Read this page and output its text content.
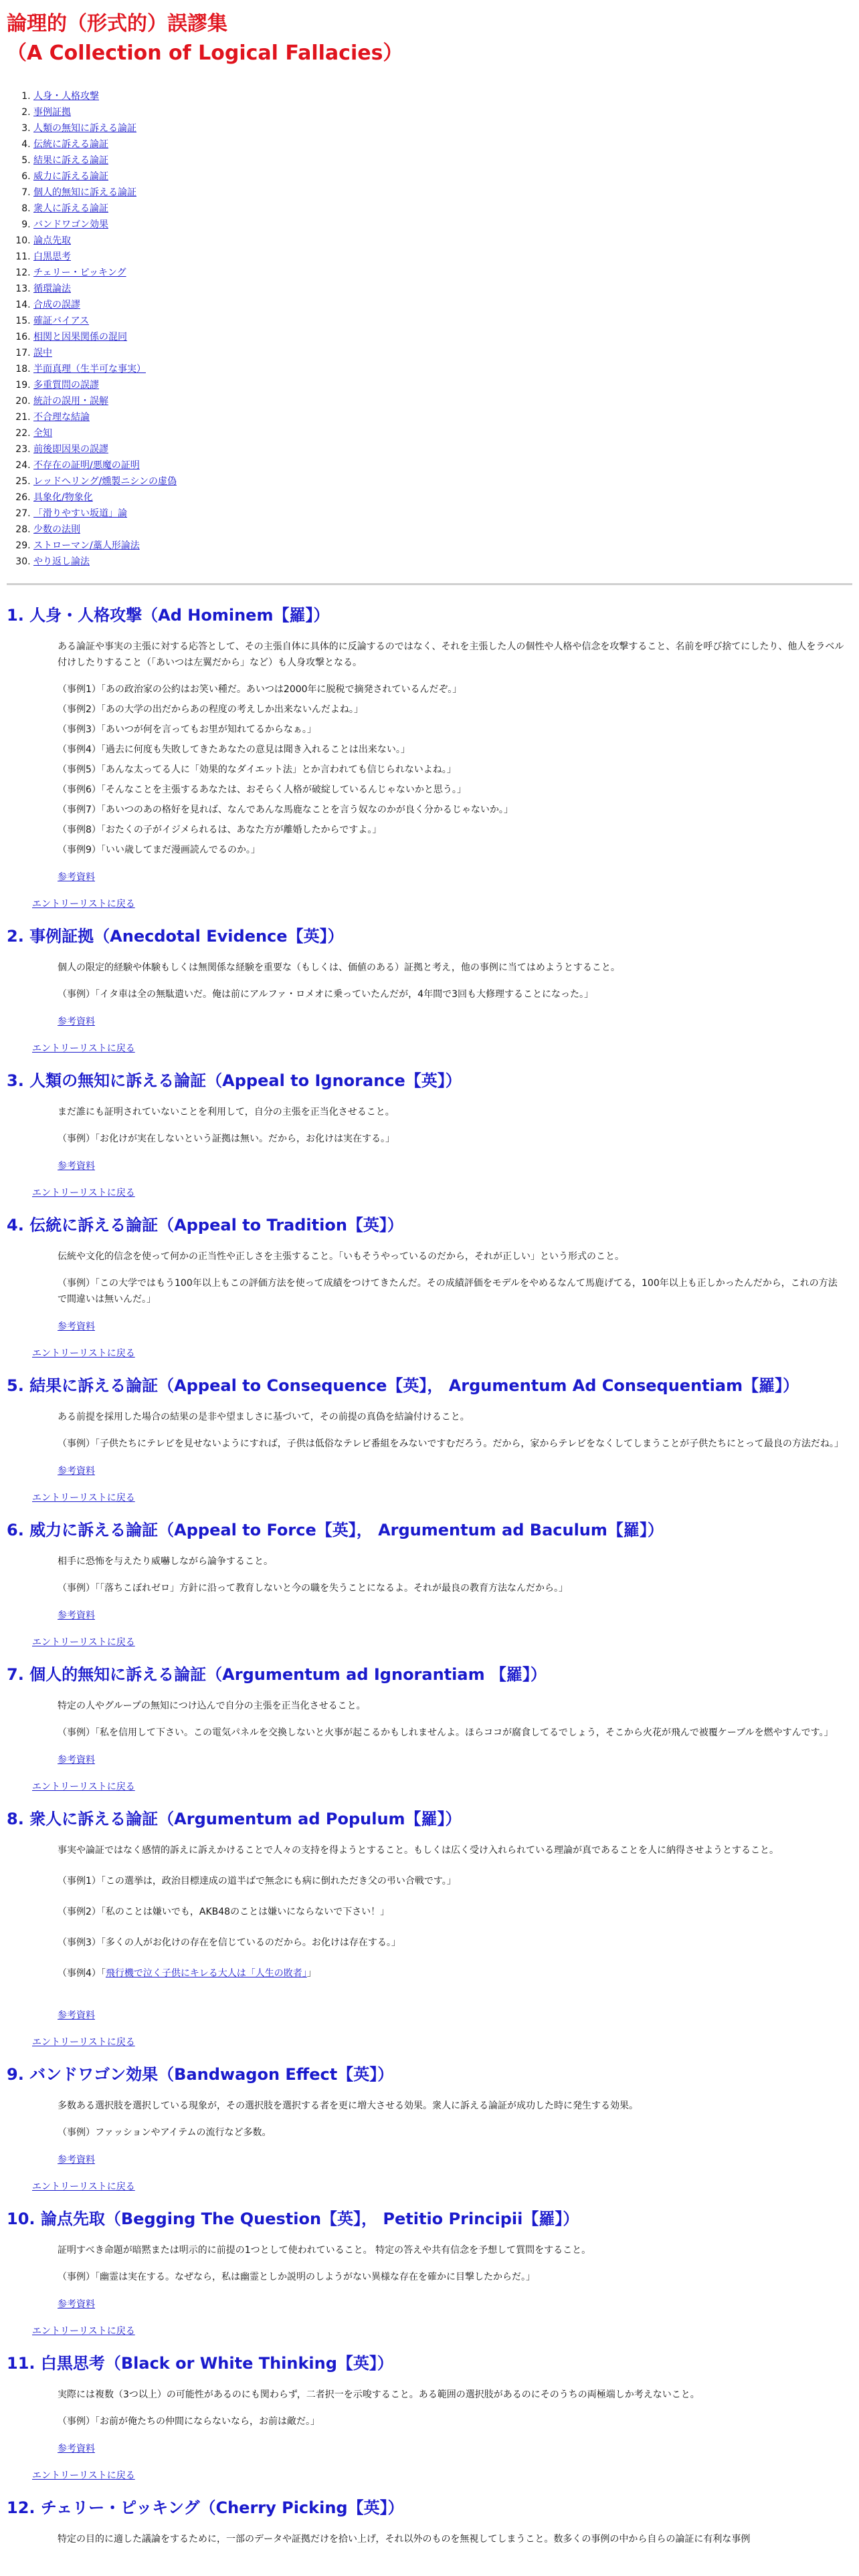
論理的（形式的）誤謬集
（A Collection of Logical Fallacies）
1. 人身・人格攻撃
2. 事例証拠
3. 人類の無知に訴える論証
4. 伝統に訴える論証
5. 結果に訴える論証
6. 威力に訴える論証
7. 個人的無知に訴える論証
8. 衆人に訴える論証
9. バンドワゴン効果
10. 論点先取
11. 白黒思考
12. チェリー・ピッキング
13. 循環論法
14. 合成の誤謬
15. 確証バイアス
16. 相関と因果関係の混同
17. 誤中
18. 半面真理（生半可な事実）
19. 多重質問の誤謬
20. 統計の誤用・誤解
21. 不合理な結論
22. 全知
23. 前後即因果の誤謬
24. 不存在の証明/悪魔の証明
25. レッドへリング/燻製ニシンの虚偽
26. 具象化/物象化
27. 「滑りやすい坂道」論
28. 少数の法則
29. ストローマン/藁人形論法
30. やり返し論法
1. 人身・人格攻撃（Ad Hominem【羅】）

ある論証や事実の主張に対する応答として、その主張自体に具体的に反論するのではなく、それを主張した人の個性や人格や信念を攻撃すること、名前を呼び捨てにしたり、他人をラベル付けしたりすること（「あいつは左翼だから」など）も人身攻撃となる。

（事例1）「あの政治家の公約はお笑い種だ。あいつは2000年に脱税で摘発されているんだぞ。」

（事例2）「あの大学の出だからあの程度の考えしか出来ないんだよね。」

（事例3）「あいつが何を言ってもお里が知れてるからなぁ。」

（事例4）「過去に何度も失敗してきたあなたの意見は聞き入れることは出来ない。」

（事例5）「あんな太ってる人に「効果的なダイエット法」とか言われても信じられないよね。」

（事例6）「そんなことを主張するあなたは、おそらく人格が破綻しているんじゃないかと思う。」

（事例7）「あいつのあの格好を見れば、なんであんな馬鹿なことを言う奴なのかが良く分かるじゃないか。」

（事例8）「おたくの子がイジメられるは、あなた方が離婚したからですよ。」

（事例9）「いい歳してまだ漫画読んでるのか。」

参考資料
エントリーリストに戻る
2. 事例証拠（Anecdotal Evidence【英】）

個人の限定的経験や体験もしくは無関係な経験を重要な（もしくは、価値のある）証拠と考え，他の事例に当てはめようとすること。

（事例）「イタ車は全の無駄遣いだ。俺は前にアルファ・ロメオに乗っていたんだが，4年間で3回も大修理することになった。」

参考資料
エントリーリストに戻る
3. 人類の無知に訴える論証（Appeal to Ignorance【英】）

まだ誰にも証明されていないことを利用して，自分の主張を正当化させること。

（事例）「お化けが実在しないという証拠は無い。だから，お化けは実在する。」

参考資料
エントリーリストに戻る
4. 伝統に訴える論証（Appeal to Tradition【英】）

伝統や文化的信念を使って何かの正当性や正しさを主張すること。「いもそうやっているのだから，それが正しい」という形式のこと。

（事例）「この大学ではもう100年以上もこの評価方法を使って成績をつけてきたんだ。その成績評価をモデルをやめるなんて馬鹿げてる，100年以上も正しかったんだから，これの方法で間違いは無いんだ。」

参考資料
エントリーリストに戻る
5. 結果に訴える論証（Appeal to Consequence【英】， Argumentum Ad Consequentiam【羅】）

ある前提を採用した場合の結果の是非や望ましさに基づいて，その前提の真偽を結論付けること。

（事例）「子供たちにテレビを見せないようにすれば，子供は低俗なテレビ番組をみないですむだろう。だから，家からテレビをなくしてしまうことが子供たちにとって最良の方法だね。」

参考資料
エントリーリストに戻る
6. 威力に訴える論証（Appeal to Force【英】， Argumentum ad Baculum【羅】）

相手に恐怖を与えたり威嚇しながら論争すること。

（事例）「「落ちこぼれゼロ」方針に沿って教育しないと今の職を失うことになるよ。それが最良の教育方法なんだから。」

参考資料
エントリーリストに戻る
7. 個人的無知に訴える論証（Argumentum ad Ignorantiam 【羅】）

特定の人やグループの無知につけ込んで自分の主張を正当化させること。

（事例）「私を信用して下さい。この電気パネルを交換しないと火事が起こるかもしれませんよ。ほらココが腐食してるでしょう，そこから火花が飛んで被覆ケーブルを燃やすんです。」

参考資料
エントリーリストに戻る
8. 衆人に訴える論証（Argumentum ad Populum【羅】）

事実や論証ではなく感情的訴えに訴えかけることで人々の支持を得ようとすること。もしくは広く受け入れられている理論が真であることを人に納得させようとすること。

（事例1）「この選挙は，政治目標達成の道半ばで無念にも病に倒れただき父の弔い合戦です。」

（事例2）「私のことは嫌いでも，AKB48のことは嫌いにならないで下さい！」

（事例3）「多くの人がお化けの存在を信じているのだから。お化けは存在する。」

（事例4）「飛行機で泣く子供にキレる大人は「人生の敗者」」

参考資料
エントリーリストに戻る
9. バンドワゴン効果（Bandwagon Effect【英】）

多数ある選択肢を選択している現象が，その選択肢を選択する者を更に増大させる効果。衆人に訴える論証が成功した時に発生する効果。

（事例）ファッションやアイテムの流行など多数。

参考資料
エントリーリストに戻る
10. 論点先取（Begging The Question【英】， Petitio Principii【羅】）

証明すべき命題が暗黙または明示的に前提の1つとして使われていること。 特定の答えや共有信念を予想して質問をすること。

（事例）「幽霊は実在する。なぜなら，私は幽霊としか説明のしようがない異様な存在を確かに目撃したからだ。」

参考資料
エントリーリストに戻る
11. 白黒思考（Black or White Thinking【英】）

実際には複数（3つ以上）の可能性があるのにも関わらず，二者択一を示唆すること。ある範囲の選択肢があるのにそのうちの両極端しか考えないこと。

（事例）「お前が俺たちの仲間にならないなら，お前は敵だ。」

参考資料
エントリーリストに戻る
12. チェリー・ピッキング（Cherry Picking【英】）

特定の目的に適した議論をするために，一部のデータや証拠だけを拾い上げ，それ以外のものを無視してしまうこと。数多くの事例の中から自らの論証に有利な事例
